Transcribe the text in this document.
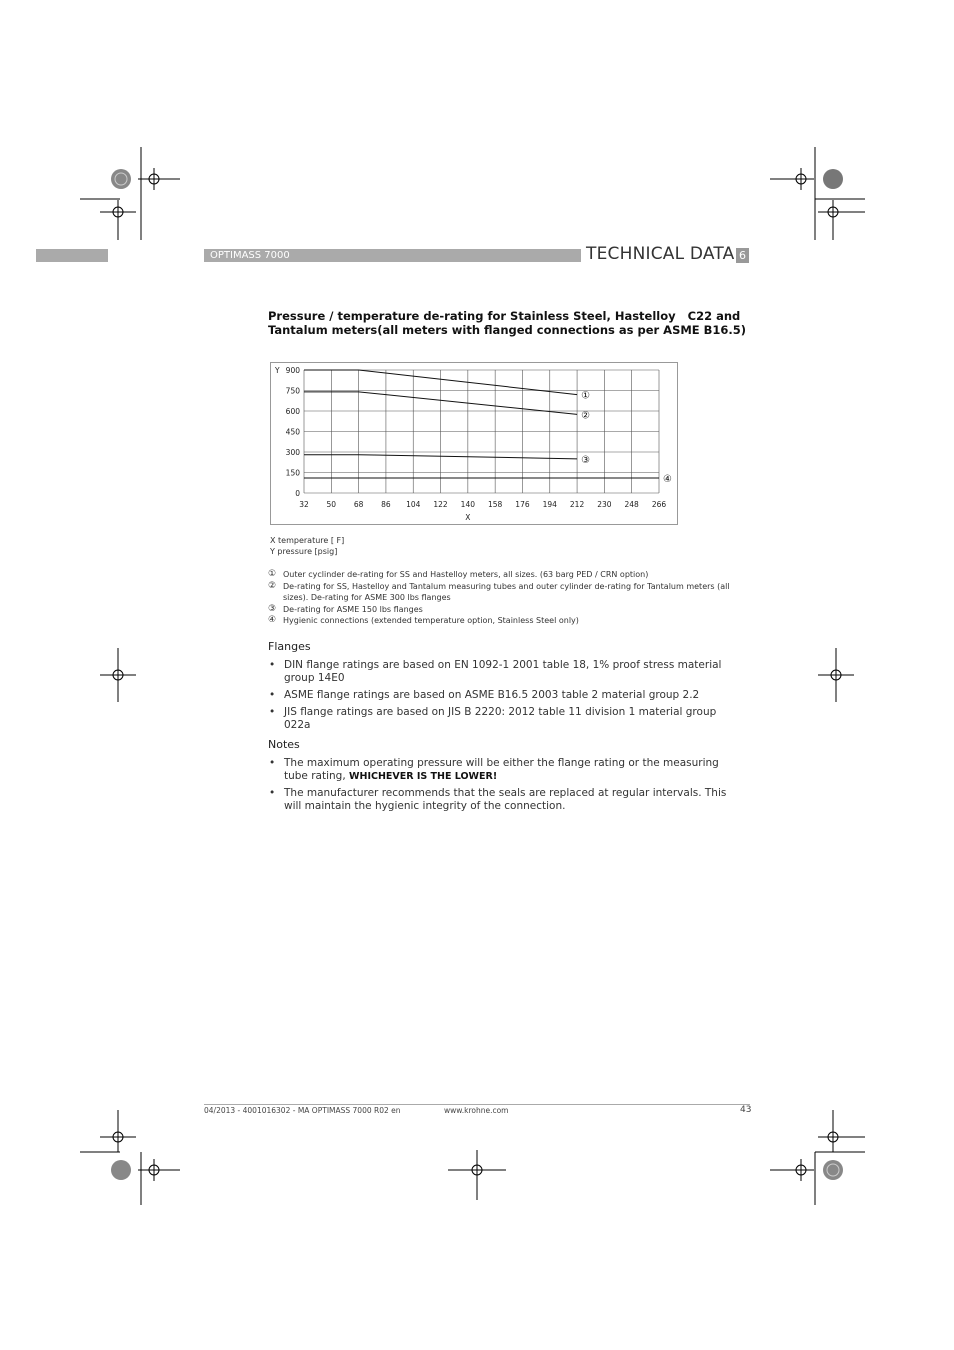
OPTIMASS 7000	TECHNICAL DATA 6
Pressure / temperature de-rating for Stainless Steel, Hastelloy   C22 and Tantalum meters(all meters with flanged connections as per ASME B16.5)
32 50 68 86 104 122 140 158 176 194 212 230 248 266
0
150
300
450
600
750
900
Y
X
①
②
③
④
X temperature [ F]
Y pressure [psig]
① Outer cyclinder de-rating for SS and Hastelloy meters, all sizes. (63 barg PED / CRN option)
② De-rating for SS, Hastelloy and Tantalum measuring tubes and outer cylinder de-rating for Tantalum meters (all sizes). De-rating for ASME 300 lbs flanges
③ De-rating for ASME 150 lbs flanges
④ Hygienic connections (extended temperature option, Stainless Steel only)
Flanges
• DIN flange ratings are based on EN 1092-1 2001 table 18, 1% proof stress material group 14E0
• ASME flange ratings are based on ASME B16.5 2003 table 2 material group 2.2
• JIS flange ratings are based on JIS B 2220: 2012 table 11 division 1 material group 022a
Notes
• The maximum operating pressure will be either the flange rating or the measuring tube rating, WHICHEVER IS THE LOWER!
• The manufacturer recommends that the seals are replaced at regular intervals. This will maintain the hygienic integrity of the connection.
04/2013 - 4001016302 - MA OPTIMASS 7000 R02 en	www.krohne.com	43
